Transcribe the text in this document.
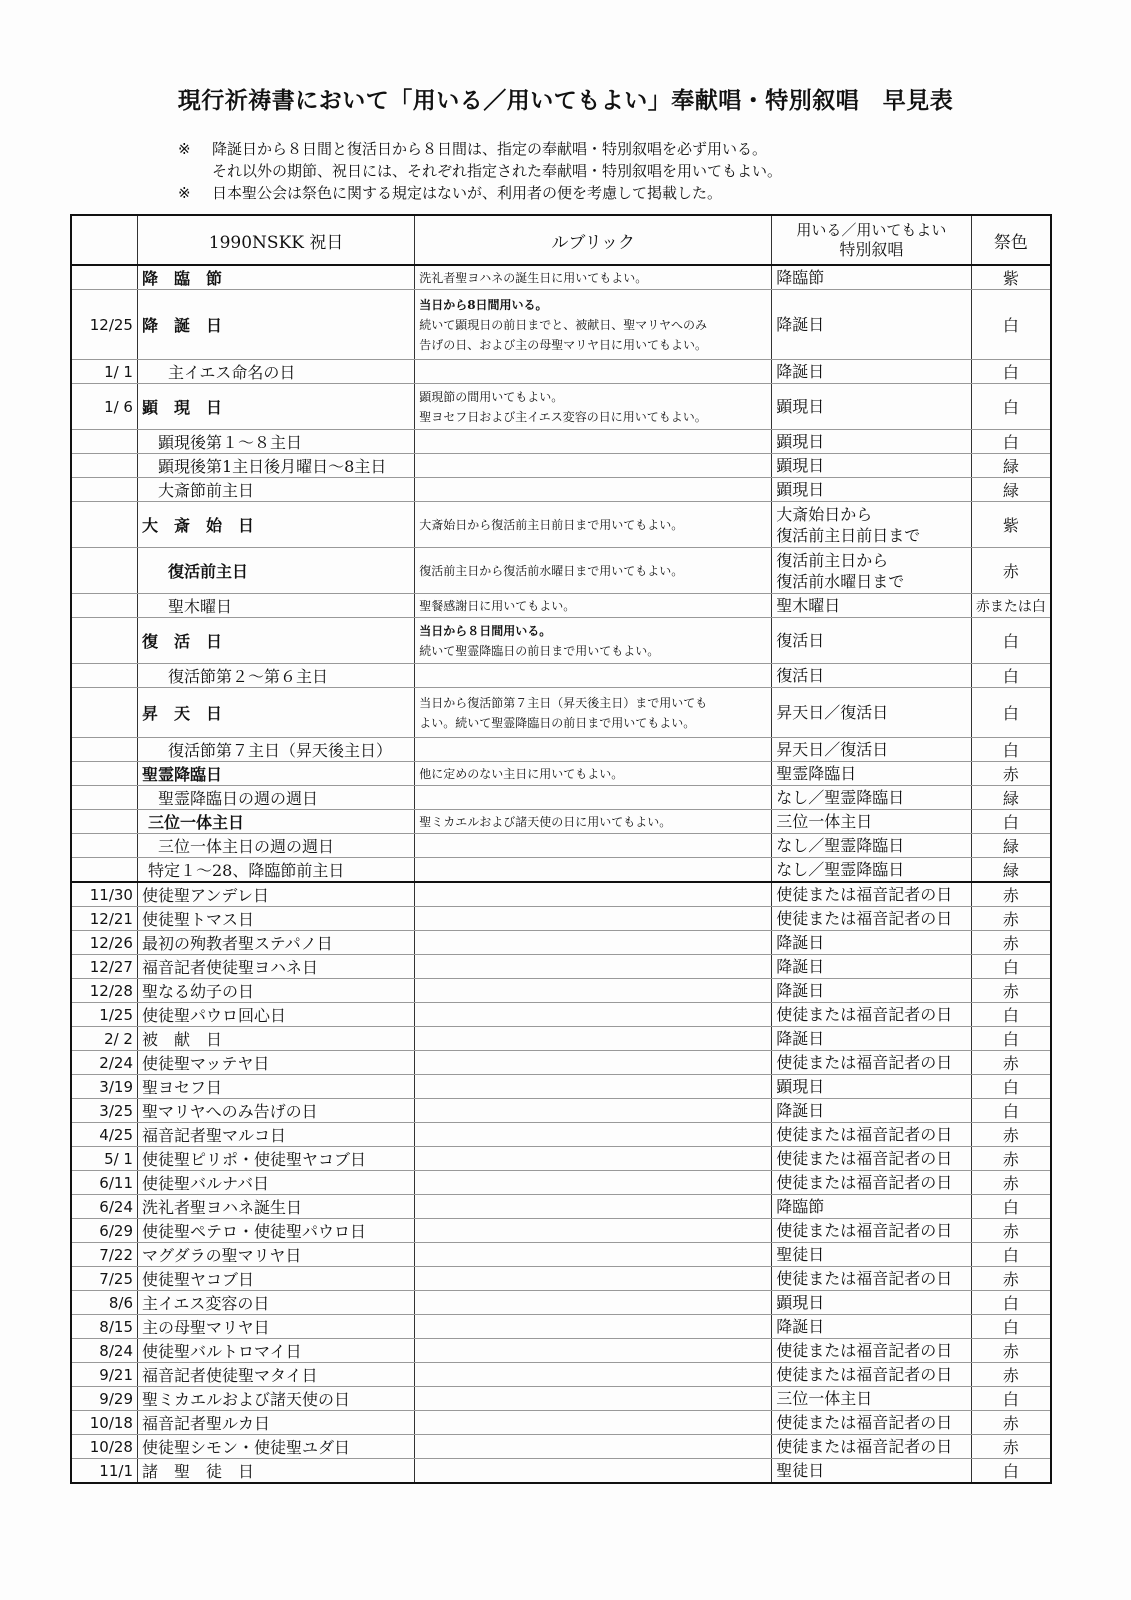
現行祈祷書において「用いる／用いてもよい」奉献唱・特別叙唱　早見表
※	降誕日から８日間と復活日から８日間は、指定の奉献唱・特別叙唱を必ず用いる。
それ以外の期節、祝日には、それぞれ指定された奉献唱・特別叙唱を用いてもよい。
※	日本聖公会は祭色に関する規定はないが、利用者の便を考慮して掲載した。
	1990NSKK 祝日	ルブリック	用いる／用いてもよい
特別叙唱	祭色
	降　臨　節	洗礼者聖ヨハネの誕生日に用いてもよい。	降臨節	紫
12/25	降　誕　日	当日から8日間用いる。
続いて顕現日の前日までと、被献日、聖マリヤへのみ
告げの日、および主の母聖マリヤ日に用いてもよい。	降誕日	白
1/ 1	主イエス命名の日		降誕日	白
1/ 6	顕　現　日	顕現節の間用いてもよい。
聖ヨセフ日および主イエス変容の日に用いてもよい。	顕現日	白
	顕現後第１～８主日		顕現日	白
	顕現後第1主日後月曜日～8主日		顕現日	緑
	大斎節前主日		顕現日	緑
	大　斎　始　日	大斎始日から復活前主日前日まで用いてもよい。	大斎始日から
復活前主日前日まで	紫
	復活前主日	復活前主日から復活前水曜日まで用いてもよい。	復活前主日から
復活前水曜日まで	赤
	聖木曜日	聖餐感謝日に用いてもよい。	聖木曜日	赤または白
	復　活　日	当日から８日間用いる。
続いて聖霊降臨日の前日まで用いてもよい。	復活日	白
	復活節第２～第６主日		復活日	白
	昇　天　日	当日から復活節第７主日（昇天後主日）まで用いても
よい。続いて聖霊降臨日の前日まで用いてもよい。	昇天日／復活日	白
	復活節第７主日（昇天後主日）		昇天日／復活日	白
	聖霊降臨日	他に定めのない主日に用いてもよい。	聖霊降臨日	赤
	聖霊降臨日の週の週日		なし／聖霊降臨日	緑
	三位一体主日	聖ミカエルおよび諸天使の日に用いてもよい。	三位一体主日	白
	三位一体主日の週の週日		なし／聖霊降臨日	緑
	特定１～28、降臨節前主日		なし／聖霊降臨日	緑
11/30	使徒聖アンデレ日		使徒または福音記者の日	赤
12/21	使徒聖トマス日		使徒または福音記者の日	赤
12/26	最初の殉教者聖ステパノ日		降誕日	赤
12/27	福音記者使徒聖ヨハネ日		降誕日	白
12/28	聖なる幼子の日		降誕日	赤
1/25	使徒聖パウロ回心日		使徒または福音記者の日	白
2/ 2	被　献　日		降誕日	白
2/24	使徒聖マッテヤ日		使徒または福音記者の日	赤
3/19	聖ヨセフ日		顕現日	白
3/25	聖マリヤへのみ告げの日		降誕日	白
4/25	福音記者聖マルコ日		使徒または福音記者の日	赤
5/ 1	使徒聖ピリポ・使徒聖ヤコブ日		使徒または福音記者の日	赤
6/11	使徒聖バルナバ日		使徒または福音記者の日	赤
6/24	洗礼者聖ヨハネ誕生日		降臨節	白
6/29	使徒聖ペテロ・使徒聖パウロ日		使徒または福音記者の日	赤
7/22	マグダラの聖マリヤ日		聖徒日	白
7/25	使徒聖ヤコブ日		使徒または福音記者の日	赤
8/6	主イエス変容の日		顕現日	白
8/15	主の母聖マリヤ日		降誕日	白
8/24	使徒聖バルトロマイ日		使徒または福音記者の日	赤
9/21	福音記者使徒聖マタイ日		使徒または福音記者の日	赤
9/29	聖ミカエルおよび諸天使の日		三位一体主日	白
10/18	福音記者聖ルカ日		使徒または福音記者の日	赤
10/28	使徒聖シモン・使徒聖ユダ日		使徒または福音記者の日	赤
11/1	諸　聖　徒　日		聖徒日	白
